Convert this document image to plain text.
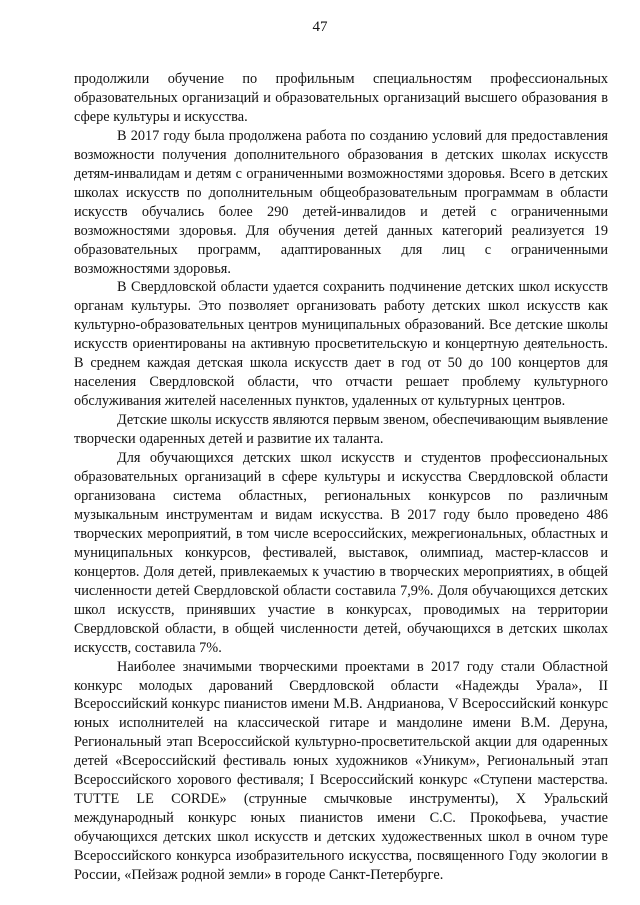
47

продолжили обучение по профильным специальностям профессиональных образовательных организаций и образовательных организаций высшего образования в сфере культуры и искусства.

В 2017 году была продолжена работа по созданию условий для предоставления возможности получения дополнительного образования в детских школах искусств детям-инвалидам и детям с ограниченными возможностями здоровья. Всего в детских школах искусств по дополнительным общеобразовательным программам в области искусств обучались более 290 детей-инвалидов и детей с ограниченными возможностями здоровья. Для обучения детей данных категорий реализуется 19 образовательных программ, адаптированных для лиц с ограниченными возможностями здоровья.

В Свердловской области удается сохранить подчинение детских школ искусств органам культуры. Это позволяет организовать работу детских школ искусств как культурно-образовательных центров муниципальных образований. Все детские школы искусств ориентированы на активную просветительскую и концертную деятельность. В среднем каждая детская школа искусств дает в год от 50 до 100 концертов для населения Свердловской области, что отчасти решает проблему культурного обслуживания жителей населенных пунктов, удаленных от культурных центров.

Детские школы искусств являются первым звеном, обеспечивающим выявление творчески одаренных детей и развитие их таланта.

Для обучающихся детских школ искусств и студентов профессиональных образовательных организаций в сфере культуры и искусства Свердловской области организована система областных, региональных конкурсов по различным музыкальным инструментам и видам искусства. В 2017 году было проведено 486 творческих мероприятий, в том числе всероссийских, межрегиональных, областных и муниципальных конкурсов, фестивалей, выставок, олимпиад, мастер-классов и концертов. Доля детей, привлекаемых к участию в творческих мероприятиях, в общей численности детей Свердловской области составила 7,9%. Доля обучающихся детских школ искусств, принявших участие в конкурсах, проводимых на территории Свердловской области, в общей численности детей, обучающихся в детских школах искусств, составила 7%.

Наиболее значимыми творческими проектами в 2017 году стали Областной конкурс молодых дарований Свердловской области «Надежды Урала», II Всероссийский конкурс пианистов имени М.В. Андрианова, V Всероссийский конкурс юных исполнителей на классической гитаре и мандолине имени В.М. Деруна, Региональный этап Всероссийской культурно-просветительской акции для одаренных детей «Всероссийский фестиваль юных художников «Уникум», Региональный этап Всероссийского хорового фестиваля; I Всероссийский конкурс «Ступени мастерства. TUTTE LE CORDE» (струнные смычковые инструменты), X Уральский международный конкурс юных пианистов имени С.С. Прокофьева, участие обучающихся детских школ искусств и детских художественных школ в очном туре Всероссийского конкурса изобразительного искусства, посвященного Году экологии в России, «Пейзаж родной земли» в городе Санкт-Петербурге.
